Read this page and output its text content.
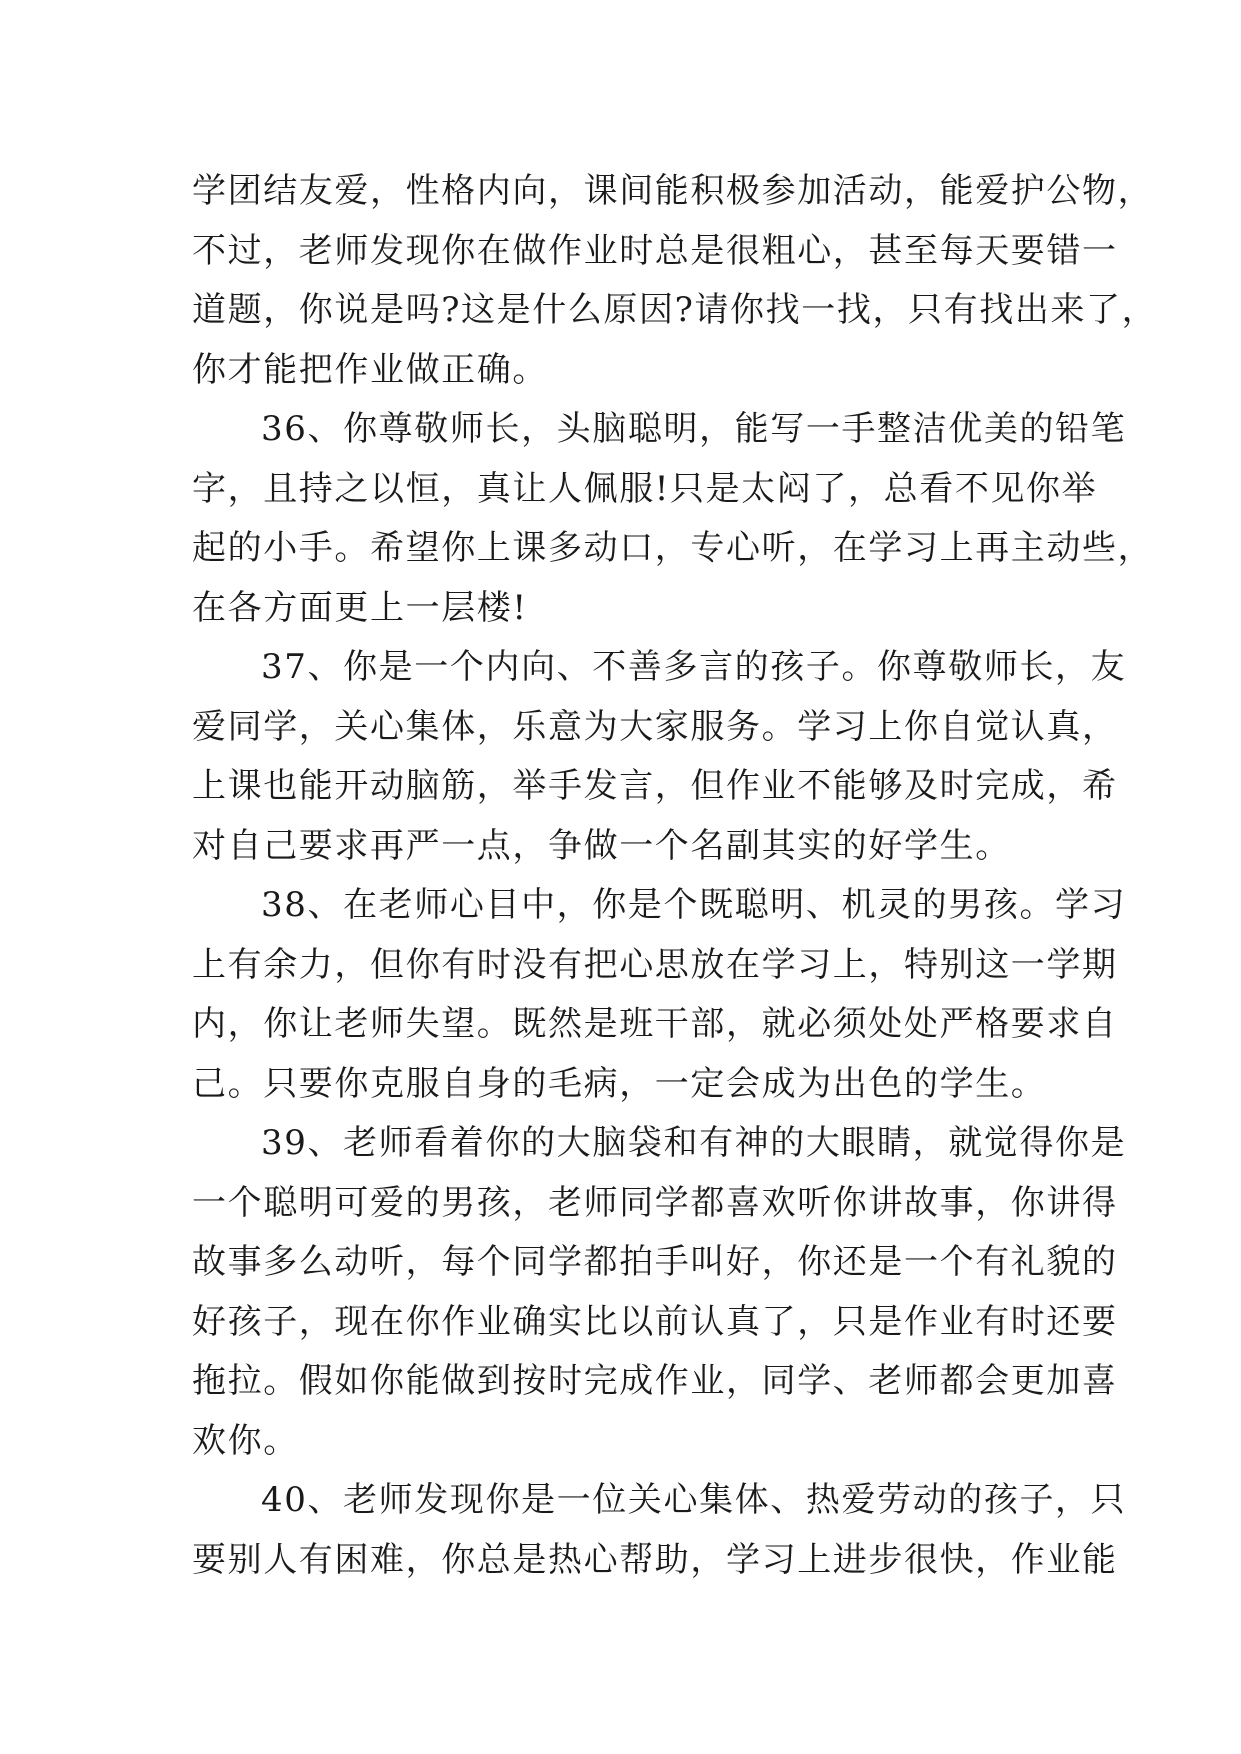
学团结友爱，性格内向，课间能积极参加活动，能爱护公物，
不过，老师发现你在做作业时总是很粗心，甚至每天要错一
道题，你说是吗?这是什么原因?请你找一找，只有找出来了，
你才能把作业做正确。
36、你尊敬师长，头脑聪明，能写一手整洁优美的铅笔
字，且持之以恒，真让人佩服!只是太闷了，总看不见你举
起的小手。希望你上课多动口，专心听，在学习上再主动些，
在各方面更上一层楼!
37、你是一个内向、不善多言的孩子。你尊敬师长，友
爱同学，关心集体，乐意为大家服务。学习上你自觉认真，
上课也能开动脑筋，举手发言，但作业不能够及时完成，希
对自己要求再严一点，争做一个名副其实的好学生。
38、在老师心目中，你是个既聪明、机灵的男孩。学习
上有余力，但你有时没有把心思放在学习上，特别这一学期
内，你让老师失望。既然是班干部，就必须处处严格要求自
己。只要你克服自身的毛病，一定会成为出色的学生。
39、老师看着你的大脑袋和有神的大眼睛，就觉得你是
一个聪明可爱的男孩，老师同学都喜欢听你讲故事，你讲得
故事多么动听，每个同学都拍手叫好，你还是一个有礼貌的
好孩子，现在你作业确实比以前认真了，只是作业有时还要
拖拉。假如你能做到按时完成作业，同学、老师都会更加喜
欢你。
40、老师发现你是一位关心集体、热爱劳动的孩子，只
要别人有困难，你总是热心帮助，学习上进步很快，作业能
